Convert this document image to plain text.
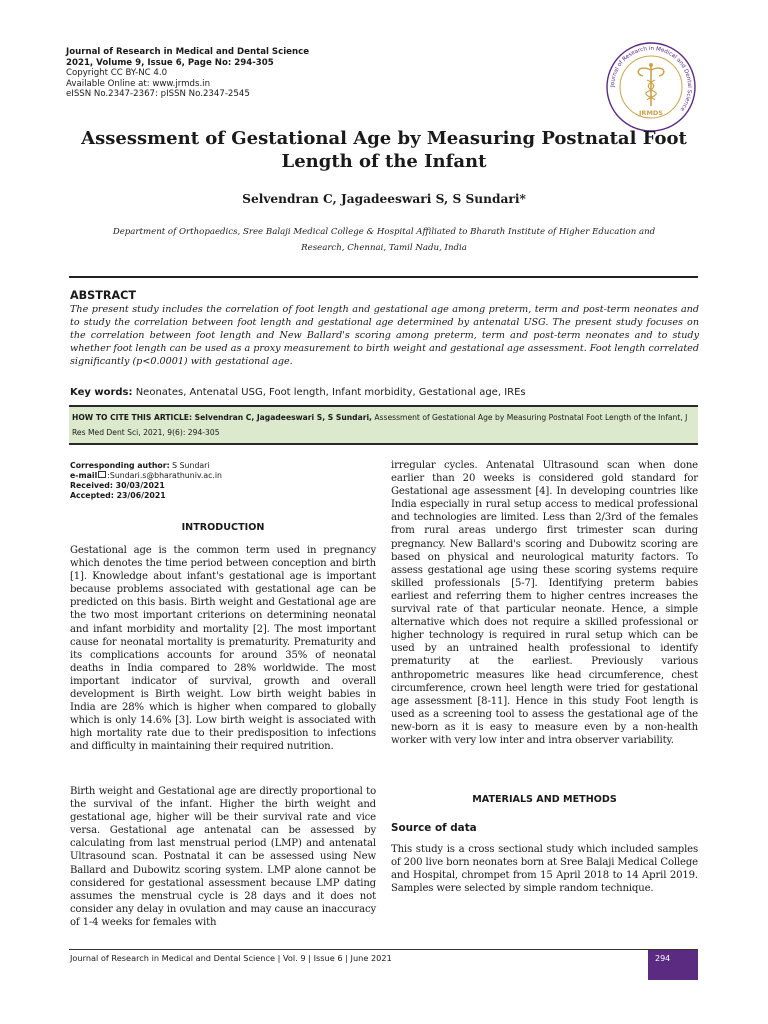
Journal of Research in Medical and Dental Science
2021, Volume 9, Issue 6, Page No: 294-305
Copyright CC BY-NC 4.0
Available Online at: www.jrmds.in
eISSN No.2347-2367: pISSN No.2347-2545
Journal of Research in Medical and Dental Science
JRMDS
Assessment of Gestational Age by Measuring Postnatal Foot Length of the Infant
Selvendran C, Jagadeeswari S, S Sundari*
Department of Orthopaedics, Sree Balaji Medical College & Hospital Affiliated to Bharath Institute of Higher Education and Research, Chennai, Tamil Nadu, India
ABSTRACT
The present study includes the correlation of foot length and gestational age among preterm, term and post-term neonates and to study the correlation between foot length and gestational age determined by antenatal USG. The present study focuses on the correlation between foot length and New Ballard's scoring among preterm, term and post-term neonates and to study whether foot length can be used as a proxy measurement to birth weight and gestational age assessment. Foot length correlated significantly (p<0.0001) with gestational age.
Key words: Neonates, Antenatal USG, Foot length, Infant morbidity, Gestational age, IREs
HOW TO CITE THIS ARTICLE: Selvendran C, Jagadeeswari S, S Sundari, Assessment of Gestational Age by Measuring Postnatal Foot Length of the Infant, J Res Med Dent Sci, 2021, 9(6): 294-305
Corresponding author: S Sundari
e-mail :Sundari.s@bharathuniv.ac.in
Received: 30/03/2021
Accepted: 23/06/2021
INTRODUCTION
Gestational age is the common term used in pregnancy which denotes the time period between conception and birth [1]. Knowledge about infant's gestational age is important because problems associated with gestational age can be predicted on this basis. Birth weight and Gestational age are the two most important criterions on determining neonatal and infant morbidity and mortality [2]. The most important cause for neonatal mortality is prematurity. Prematurity and its complications accounts for around 35% of neonatal deaths in India compared to 28% worldwide. The most important indicator of survival, growth and overall development is Birth weight. Low birth weight babies in India are 28% which is higher when compared to globally which is only 14.6% [3]. Low birth weight is associated with high mortality rate due to their predisposition to infections and difficulty in maintaining their required nutrition.
Birth weight and Gestational age are directly proportional to the survival of the infant. Higher the birth weight and gestational age, higher will be their survival rate and vice versa. Gestational age antenatal can be assessed by calculating from last menstrual period (LMP) and antenatal Ultrasound scan. Postnatal it can be assessed using New Ballard and Dubowitz scoring system. LMP alone cannot be considered for gestational assessment because LMP dating assumes the menstrual cycle is 28 days and it does not consider any delay in ovulation and may cause an inaccuracy of 1-4 weeks for females with
irregular cycles. Antenatal Ultrasound scan when done earlier than 20 weeks is considered gold standard for Gestational age assessment [4]. In developing countries like India especially in rural setup access to medical professional and technologies are limited. Less than 2/3rd of the females from rural areas undergo first trimester scan during pregnancy. New Ballard's scoring and Dubowitz scoring are based on physical and neurological maturity factors. To assess gestational age using these scoring systems require skilled professionals [5-7]. Identifying preterm babies earliest and referring them to higher centres increases the survival rate of that particular neonate. Hence, a simple alternative which does not require a skilled professional or higher technology is required in rural setup which can be used by an untrained health professional to identify prematurity at the earliest. Previously various anthropometric measures like head circumference, chest circumference, crown heel length were tried for gestational age assessment [8-11]. Hence in this study Foot length is used as a screening tool to assess the gestational age of the new-born as it is easy to measure even by a non-health worker with very low inter and intra observer variability.
MATERIALS AND METHODS
Source of data
This study is a cross sectional study which included samples of 200 live born neonates born at Sree Balaji Medical College and Hospital, chrompet from 15 April 2018 to 14 April 2019. Samples were selected by simple random technique.
Journal of Research in Medical and Dental Science | Vol. 9 | Issue 6 | June 2021	294
